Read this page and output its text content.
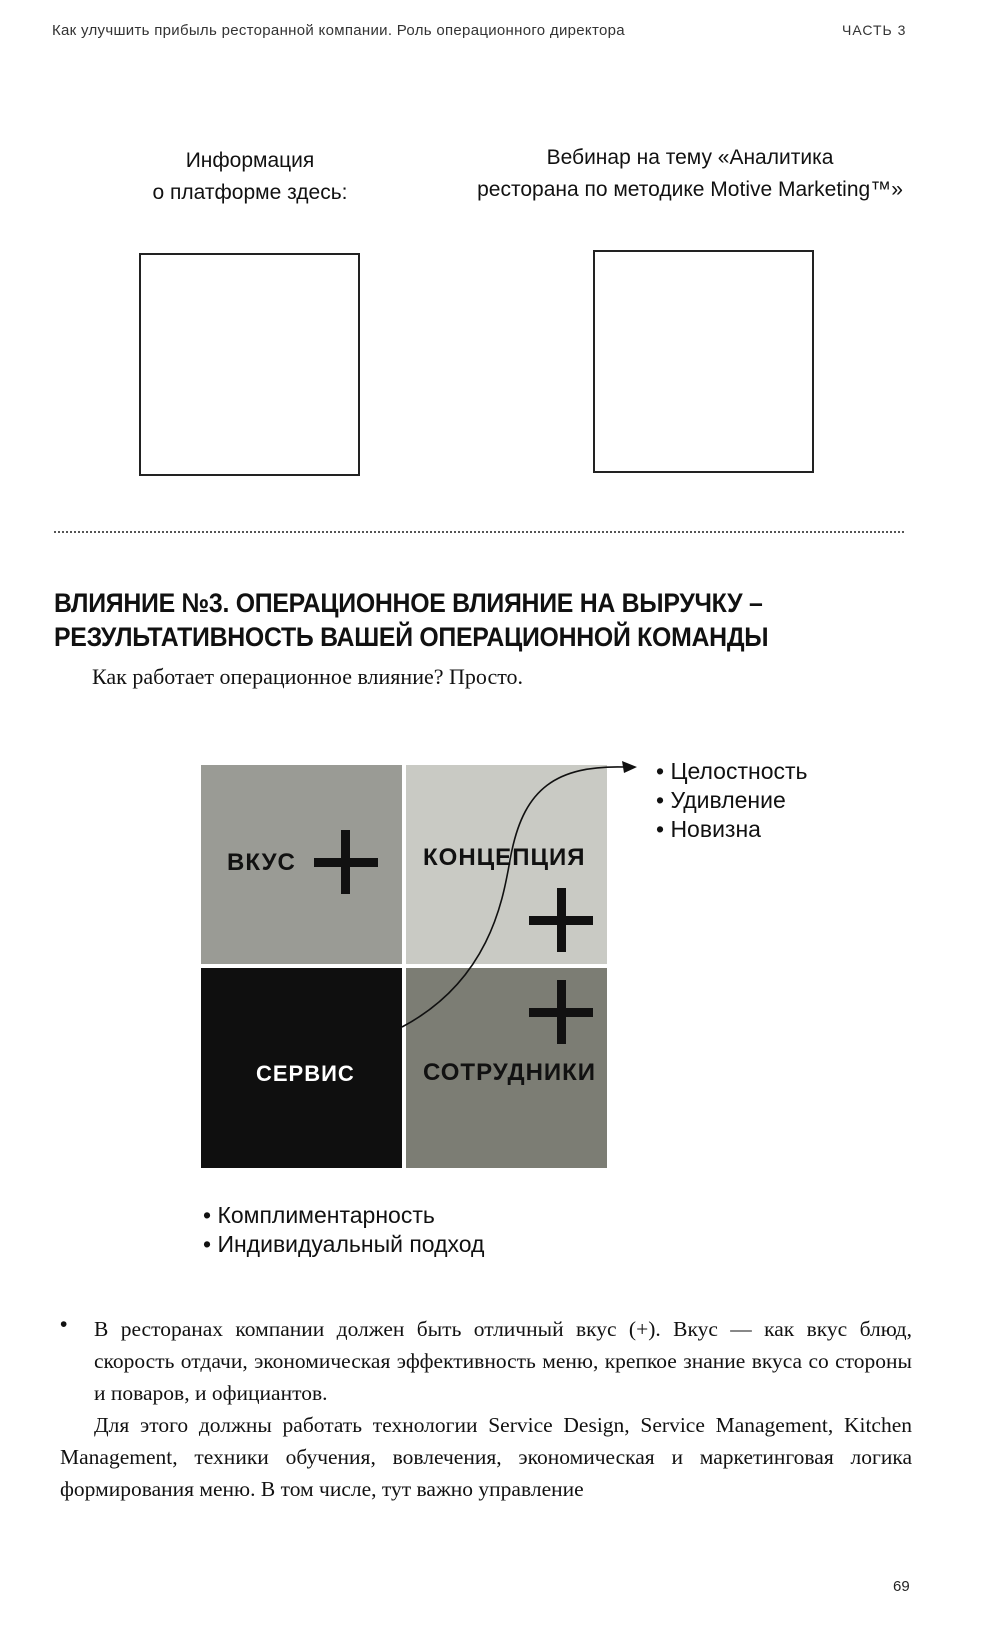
Как улучшить прибыль ресторанной компании. Роль операционного директора	ЧАСТЬ 3
Информация
о платформе здесь:
Вебинар на тему «Аналитика
ресторана по методике Motive Marketing™»
ВЛИЯНИЕ №3. ОПЕРАЦИОННОЕ ВЛИЯНИЕ НА ВЫРУЧКУ –
РЕЗУЛЬТАТИВНОСТЬ ВАШЕЙ ОПЕРАЦИОННОЙ КОМАНДЫ
Как работает операционное влияние? Просто.
ВКУС	КОНЦЕПЦИЯ
СЕРВИС	СОТРУДНИКИ
• Целостность
• Удивление
• Новизна
• Комплиментарность
• Индивидуальный подход
• В ресторанах компании должен быть отличный вкус (+). Вкус — как вкус блюд, скорость отдачи, экономическая эффективность меню, крепкое знание вкуса со стороны и поваров, и официантов.
Для этого должны работать технологии Service Design, Service Management, Kitchen Management, техники обучения, вовлечения, экономическая и маркетинговая логика формирования меню. В том числе, тут важно управление
69
